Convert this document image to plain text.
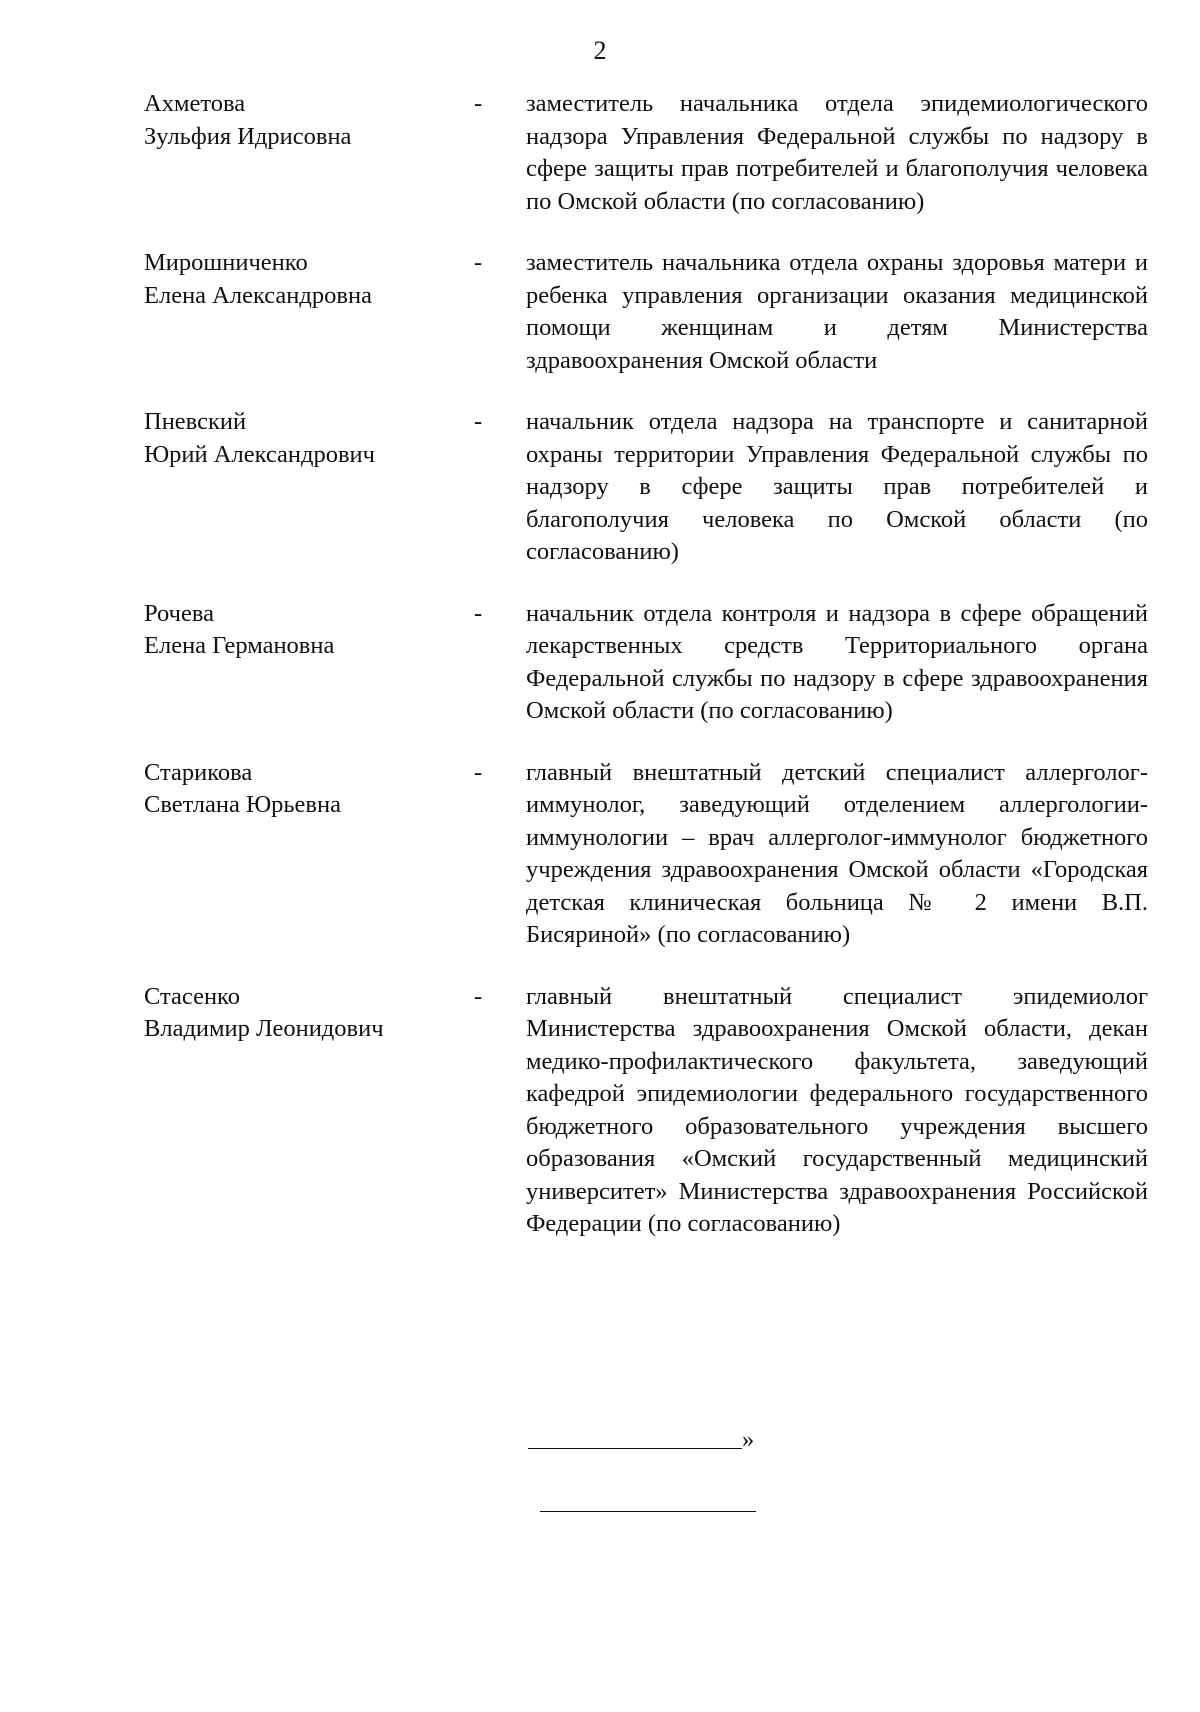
2
Ахметова
Зульфия Идрисовна
-	заместитель начальника отдела эпидемиологического надзора Управления Федеральной службы по надзору в сфере защиты прав потребителей и благополучия человека по Омской области (по согласованию)
Мирошниченко
Елена Александровна
-	заместитель начальника отдела охраны здоровья матери и ребенка управления организации оказания медицинской помощи женщинам и детям Министерства здравоохранения Омской области
Пневский
Юрий Александрович
-	начальник отдела надзора на транспорте и санитарной охраны территории Управления Федеральной службы по надзору в сфере защиты прав потребителей и благополучия человека по Омской области (по согласованию)
Рочева
Елена Германовна
-	начальник отдела контроля и надзора в сфере обращений лекарственных средств Территориального органа Федеральной службы по надзору в сфере здравоохранения Омской области (по согласованию)
Старикова
Светлана Юрьевна
-	главный внештатный детский специалист аллерголог-иммунолог, заведующий отделением аллергологии-иммунологии – врач аллерголог-иммунолог бюджетного учреждения здравоохранения Омской области «Городская детская клиническая больница № 2 имени В.П. Бисяриной» (по согласованию)
Стасенко
Владимир Леонидович
-	главный внештатный специалист эпидемиолог Министерства здравоохранения Омской области, декан медико-профилактического факультета, заведующий кафедрой эпидемиологии федерального государственного бюджетного образовательного учреждения высшего образования «Омский государственный медицинский университет» Министерства здравоохранения Российской Федерации (по согласованию)
»
